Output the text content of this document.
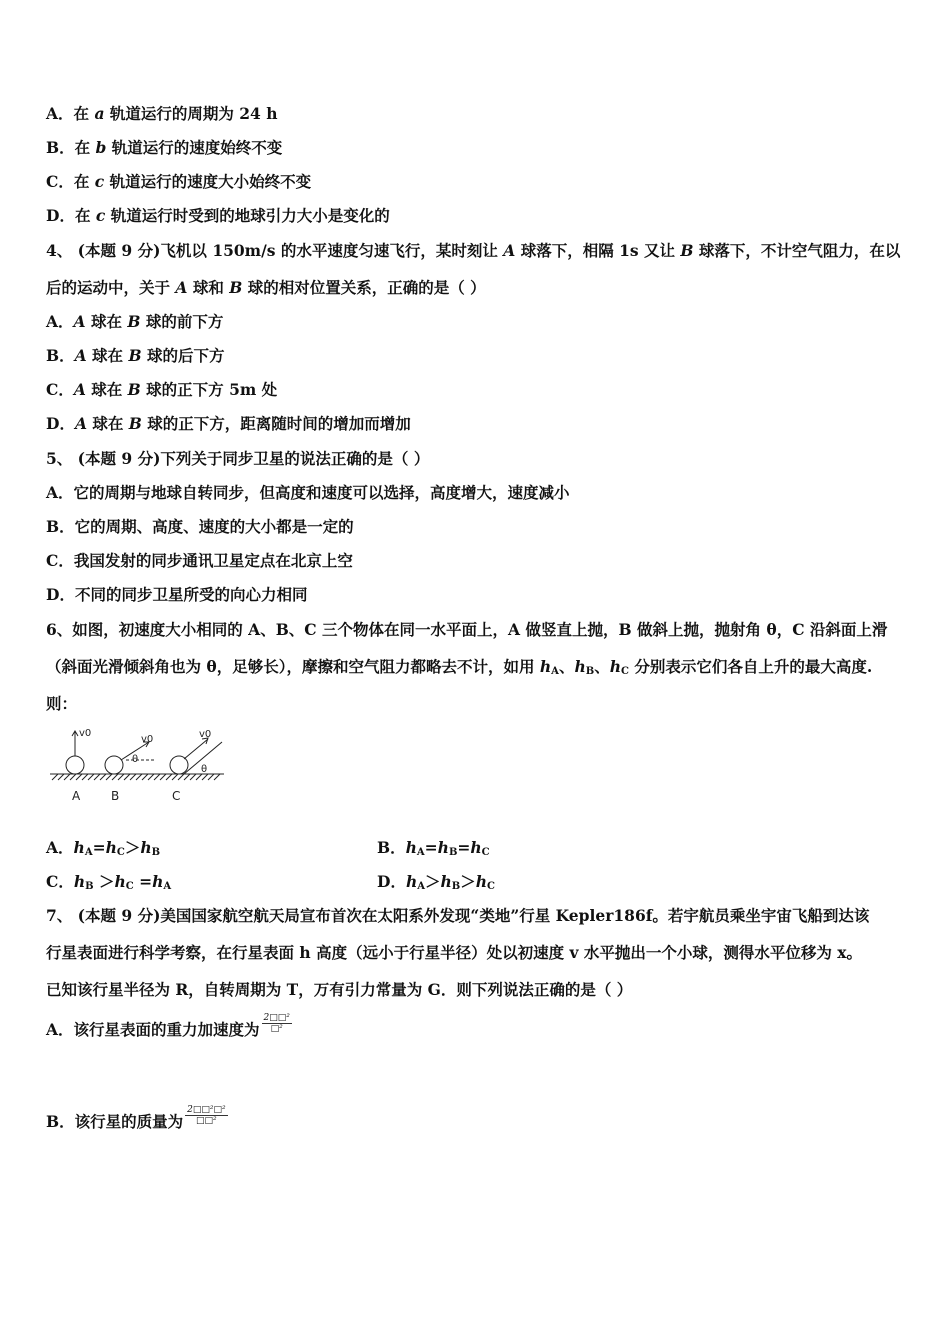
A．在 a 轨道运行的周期为 24 h
B．在 b 轨道运行的速度始终不变
C．在 c 轨道运行的速度大小始终不变
D．在 c 轨道运行时受到的地球引力大小是变化的
4、 (本题 9 分)飞机以 150m/s 的水平速度匀速飞行，某时刻让 A 球落下，相隔 1s 又让 B 球落下，不计空气阻力，在以
后的运动中，关于 A 球和 B 球的相对位置关系，正确的是（ ）
A．A 球在 B 球的前下方
B．A 球在 B 球的后下方
C．A 球在 B 球的正下方 5m 处
D．A 球在 B 球的正下方，距离随时间的增加而增加
5、 (本题 9 分)下列关于同步卫星的说法正确的是（ ）
A．它的周期与地球自转同步，但高度和速度可以选择，高度增大，速度减小
B．它的周期、高度、速度的大小都是一定的
C．我国发射的同步通讯卫星定点在北京上空
D．不同的同步卫星所受的向心力相同
6、如图，初速度大小相同的 A、B、C 三个物体在同一水平面上，A 做竖直上抛，B 做斜上抛，抛射角 θ，C 沿斜面上滑
（斜面光滑倾斜角也为 θ，足够长），摩擦和空气阻力都略去不计，如用 $h_A$、$h_B$、$h_C$ 分别表示它们各自上升的最大高度.
则：
v0
v0
θ
v0
θ
A	B	C
A．$h_A=h_C>h_B$	B．$h_A=h_B=h_C$
C．$h_B >h_C =h_A$	D．$h_A>h_B>h_C$
7、 (本题 9 分)美国国家航空航天局宣布首次在太阳系外发现“类地”行星 Kepler186f。若宇航员乘坐宇宙飞船到达该
行星表面进行科学考察，在行星表面 h 高度（远小于行星半径）处以初速度 v 水平抛出一个小球，测得水平位移为 x。
已知该行星半径为 R，自转周期为 T，万有引力常量为 G．则下列说法正确的是（ ）
A．该行星表面的重力加速度为 $\frac{\text{2□□²}}{\text{□²}}$
B．该行星的质量为 $\frac{\text{2□□²□²}}{\text{□□²}}$
